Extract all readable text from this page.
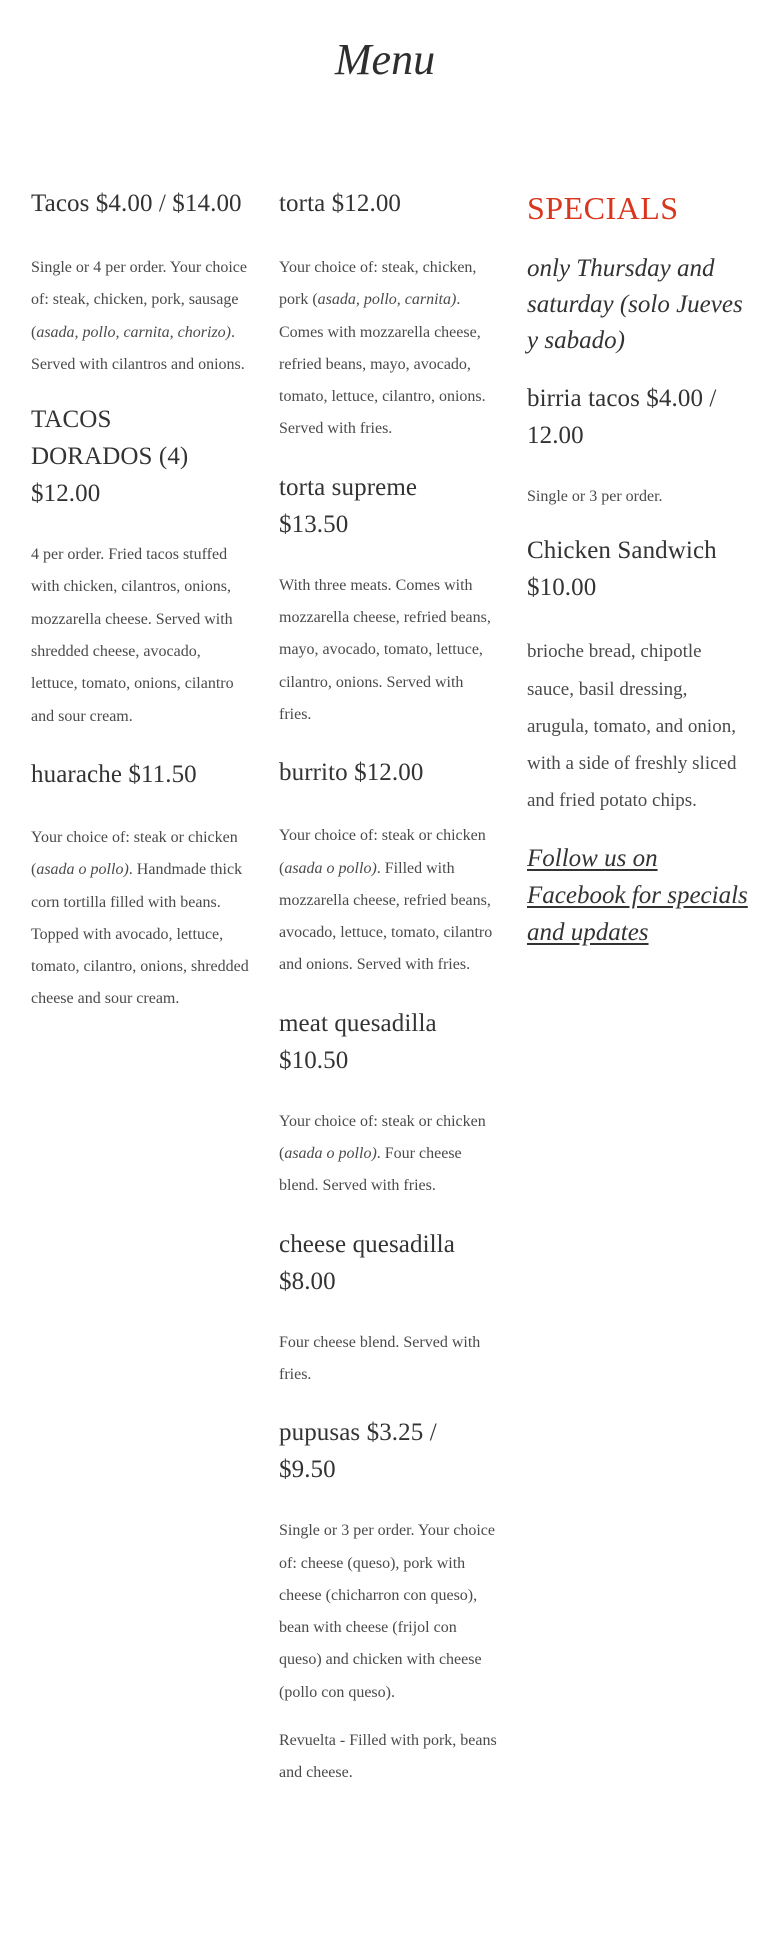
Menu
Tacos $4.00 / $14.00

Single or 4 per order. Your choice of: steak, chicken, pork, sausage (asada, pollo, carnita, chorizo). Served with cilantros and onions.

TACOS
DORADOS (4)
$12.00

4 per order. Fried tacos stuffed with chicken, cilantros, onions, mozzarella cheese. Served with shredded cheese, avocado, lettuce, tomato, onions, cilantro and sour cream.

huarache $11.50

Your choice of: steak or chicken (asada o pollo). Handmade thick corn tortilla filled with beans. Topped with avocado, lettuce, tomato, cilantro, onions, shredded cheese and sour cream.

torta $12.00

Your choice of: steak, chicken, pork (asada, pollo, carnita). Comes with mozzarella cheese, refried beans, mayo, avocado, tomato, lettuce, cilantro, onions. Served with fries.

torta supreme
$13.50

With three meats. Comes with mozzarella cheese, refried beans, mayo, avocado, tomato, lettuce, cilantro, onions. Served with fries.

burrito $12.00

Your choice of: steak or chicken (asada o pollo). Filled with mozzarella cheese, refried beans, avocado, lettuce, tomato, cilantro and onions. Served with fries.

meat quesadilla
$10.50

Your choice of: steak or chicken (asada o pollo). Four cheese blend. Served with fries.

cheese quesadilla
$8.00

Four cheese blend. Served with fries.

pupusas $3.25 /
$9.50

Single or 3 per order. Your choice of: cheese (queso), pork with cheese (chicharron con queso), bean with cheese (frijol con queso) and chicken with cheese (pollo con queso).

Revuelta - Filled with pork, beans and cheese.

SPECIALS

only Thursday and saturday (solo Jueves y sabado)

birria tacos $4.00 /
12.00

Single or 3 per order.

Chicken Sandwich
$10.00

brioche bread, chipotle sauce, basil dressing, arugula, tomato, and onion, with a side of freshly sliced and fried potato chips.

Follow us on Facebook for specials and updates
